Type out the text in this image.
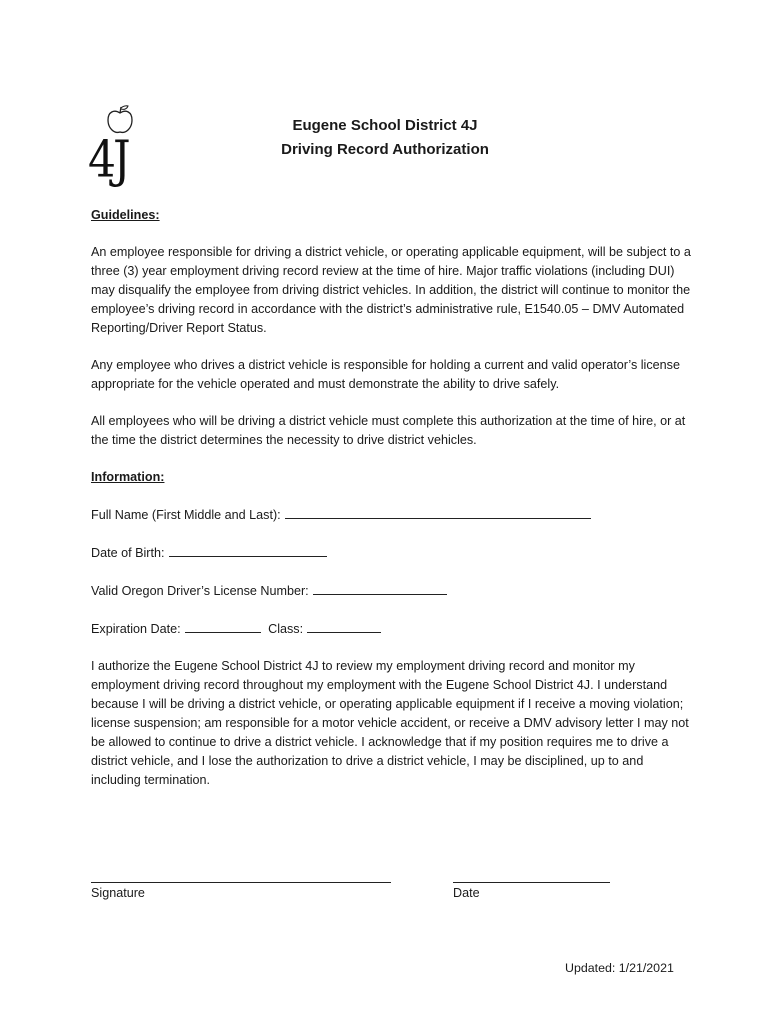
4J
Eugene School District 4J
Driving Record Authorization
Guidelines:

An employee responsible for driving a district vehicle, or operating applicable equipment, will be subject to a three (3) year employment driving record review at the time of hire. Major traffic violations (including DUI) may disqualify the employee from driving district vehicles. In addition, the district will continue to monitor the employee’s driving record in accordance with the district’s administrative rule, E1540.05 – DMV Automated Reporting/Driver Report Status.

Any employee who drives a district vehicle is responsible for holding a current and valid operator’s license appropriate for the vehicle operated and must demonstrate the ability to drive safely.

All employees who will be driving a district vehicle must complete this authorization at the time of hire, or at the time the district determines the necessity to drive district vehicles.

Information:
Full Name (First Middle and Last):
Date of Birth:
Valid Oregon Driver’s License Number:
Expiration Date:	Class:

I authorize the Eugene School District 4J to review my employment driving record and monitor my employment driving record throughout my employment with the Eugene School District 4J. I understand because I will be driving a district vehicle, or operating applicable equipment if I receive a moving violation; license suspension; am responsible for a motor vehicle accident, or receive a DMV advisory letter I may not be allowed to continue to drive a district vehicle. I acknowledge that if my position requires me to drive a district vehicle, and I lose the authorization to drive a district vehicle, I may be disciplined, up to and including termination.

Signature	Date
Updated: 1/21/2021
